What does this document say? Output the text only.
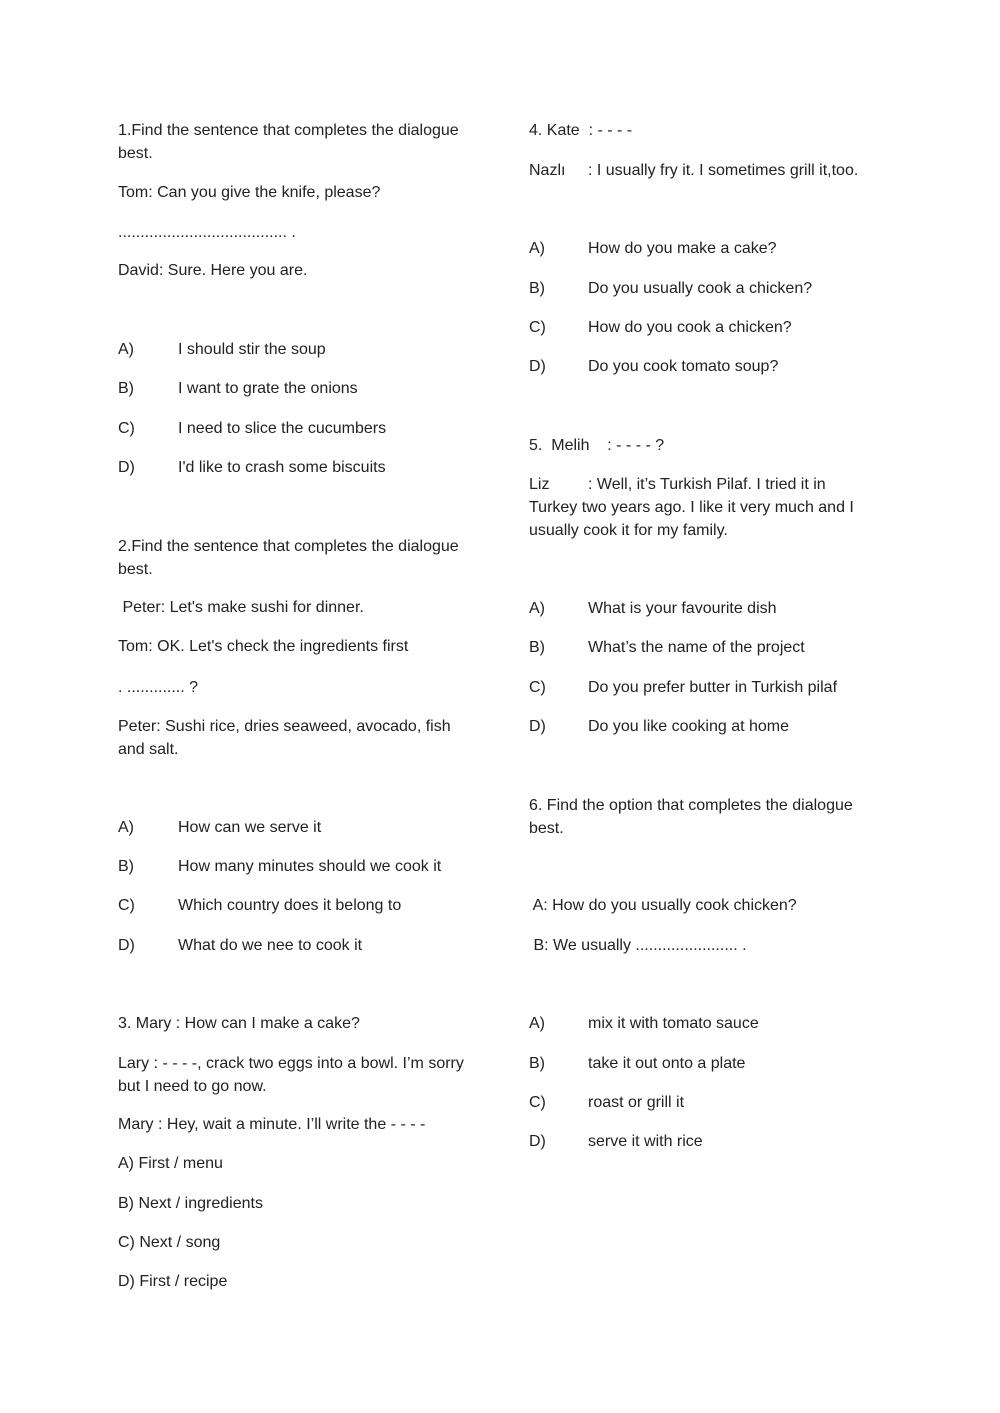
1.Find the sentence that completes the dialogue best.
Tom: Can you give the knife, please?
...................................... .
David: Sure. Here you are.
A)	I should stir the soup
B)	I want to grate the onions
C)	I need to slice the cucumbers
D)	I'd like to crash some biscuits
2.Find the sentence that completes the dialogue best.
Peter: Let's make sushi for dinner.
Tom: OK. Let's check the ingredients first
. ............. ?
Peter: Sushi rice, dries seaweed, avocado, fish and salt.
A)	How can we serve it
B)	How many minutes should we cook it
C)	Which country does it belong to
D)	What do we nee to cook it
3. Mary : How can I make a cake?
Lary : - - - -, crack two eggs into a bowl. I’m sorry but I need to go now.
Mary : Hey, wait a minute. I’ll write the - - - -
A) First / menu
B) Next / ingredients
C) Next / song
D) First / recipe
4. Kate  : - - - -
Nazlı : I usually fry it. I sometimes grill it,too.
A)	How do you make a cake?
B)	Do you usually cook a chicken?
C)	How do you cook a chicken?
D)	Do you cook tomato soup?
5.  Melih    : - - - - ?
Liz : Well, it’s Turkish Pilaf. I tried it in
Turkey two years ago. I like it very much and I usually cook it for my family.
A)	What is your favourite dish
B)	What’s the name of the project
C)	Do you prefer butter in Turkish pilaf
D)	Do you like cooking at home
6. Find the option that completes the dialogue best.
A: How do you usually cook chicken?
B: We usually ....................... .
A)	mix it with tomato sauce
B)	take it out onto a plate
C)	roast or grill it
D)	serve it with rice
